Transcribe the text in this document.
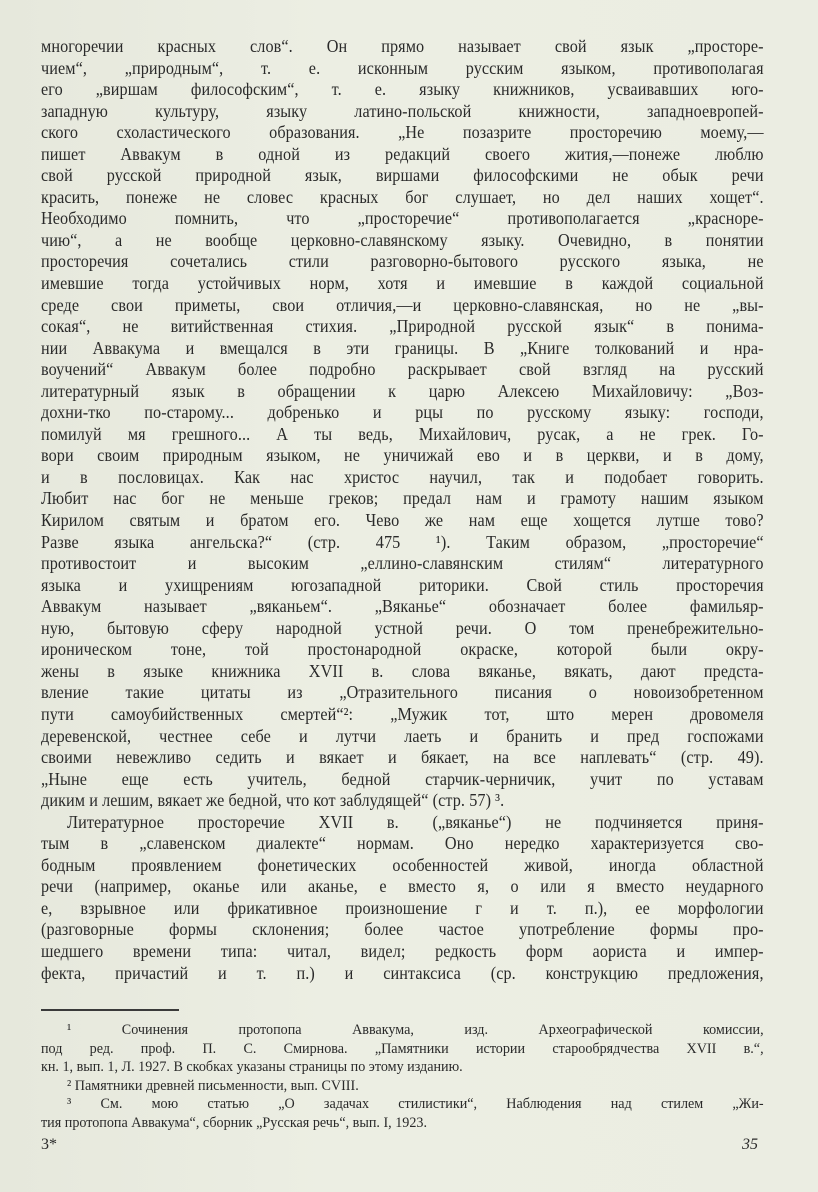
многоречии красных слов“. Он прямо называет свой язык „просторе-
чием“, „природным“, т. е. исконным русским языком, противополагая
его „виршам философским“, т. е. языку книжников, усваивавших юго-
западную культуру, языку латино-польской книжности, западноевропей-
ского схоластического образования. „Не позазрите просторечию моему,—
пишет Аввакум в одной из редакций своего жития,—понеже люблю
свой русской природной язык, виршами философскими не обык речи
красить, понеже не словес красных бог слушает, но дел наших хощет“.
Необходимо помнить, что „просторечие“ противополагается „красноре-
чию“, а не вообще церковно-славянскому языку. Очевидно, в понятии
просторечия сочетались стили разговорно-бытового русского языка, не
имевшие тогда устойчивых норм, хотя и имевшие в каждой социальной
среде свои приметы, свои отличия,—и церковно-славянская, но не „вы-
сокая“, не витийственная стихия. „Природной русской язык“ в понима-
нии Аввакума и вмещался в эти границы. В „Книге толкований и нра-
воучений“ Аввакум более подробно раскрывает свой взгляд на русский
литературный язык в обращении к царю Алексею Михайловичу: „Воз-
дохни-тко по-старому... добренько и рцы по русскому языку: господи,
помилуй мя грешного... А ты ведь, Михайлович, русак, а не грек. Го-
вори своим природным языком, не уничижай ево и в церкви, и в дому,
и в пословицах. Как нас христос научил, так и подобает говорить.
Любит нас бог не меньше греков; предал нам и грамоту нашим языком
Кирилом святым и братом его. Чево же нам еще хощется лутше тово?
Разве языка ангельска?“ (стр. 475 ¹). Таким образом, „просторечие“
противостоит и высоким „еллино-славянским стилям“ литературного
языка и ухищрениям югозападной риторики. Свой стиль просторечия
Аввакум называет „вяканьем“. „Вяканье“ обозначает более фамильяр-
ную, бытовую сферу народной устной речи. О том пренебрежительно-
ироническом тоне, той простонародной окраске, которой были окру-
жены в языке книжника XVII в. слова вяканье, вякать, дают предста-
вление такие цитаты из „Отразительного писания о новоизобретенном
пути самоубийственных смертей“²: „Мужик тот, што мерен дровомеля
деревенской, честнее себе и лутчи лаеть и бранить и пред госпожами
своими невежливо седить и вякает и бякает, на все наплевать“ (стр. 49).
„Ныне еще есть учитель, бедной старчик-черничик, учит по уставам
диким и лешим, вякает же бедной, что кот заблудящей“ (стр. 57) ³.
Литературное просторечие XVII в. („вяканье“) не подчиняется приня-
тым в „славенском диалекте“ нормам. Оно нередко характеризуется сво-
бодным проявлением фонетических особенностей живой, иногда областной
речи (например, оканье или аканье, е вместо я, о или я вместо неударного
е, взрывное или фрикативное произношение г и т. п.), ее морфологии
(разговорные формы склонения; более частое употребление формы про-
шедшего времени типа: читал, видел; редкость форм аориста и импер-
фекта, причастий и т. п.) и синтаксиса (ср. конструкцию предложения,
¹ Сочинения протопопа Аввакума, изд. Археографической комиссии,
под ред. проф. П. С. Смирнова. „Памятники истории старообрядчества XVII в.“,
кн. 1, вып. 1, Л. 1927. В скобках указаны страницы по этому изданию.
² Памятники древней письменности, вып. CVIII.
³ См. мою статью „О задачах стилистики“, Наблюдения над стилем „Жи-
тия протопопа Аввакума“, сборник „Русская речь“, вып. I, 1923.
3*	35
